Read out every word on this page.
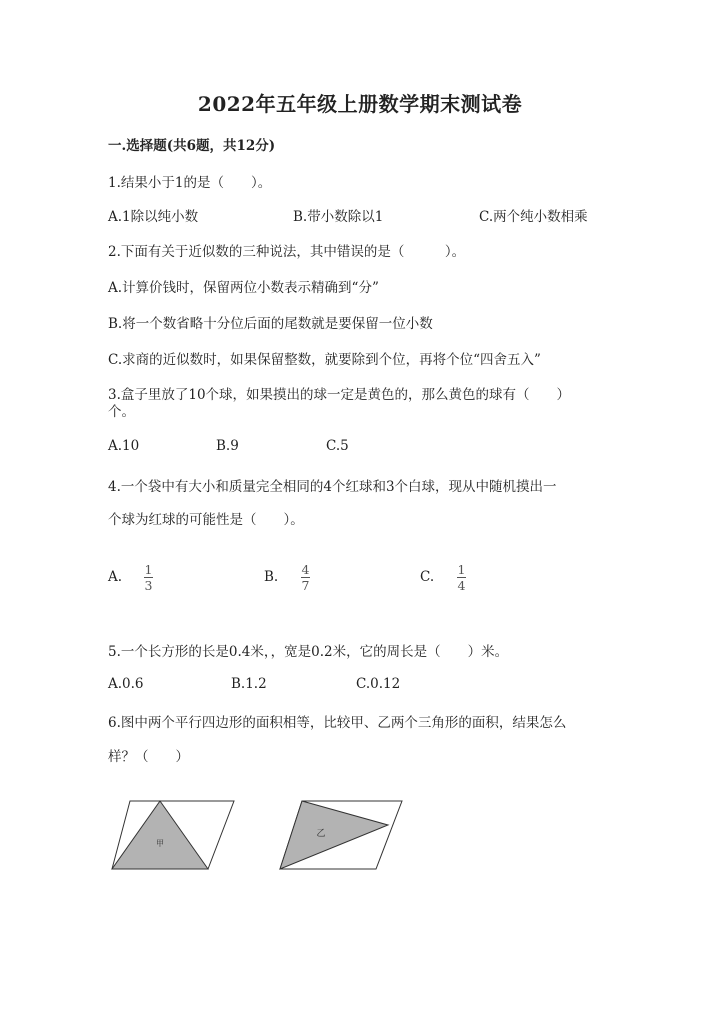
2022年五年级上册数学期末测试卷
一.选择题(共6题，共12分)
1.结果小于1的是（　　）。
A.1除以纯小数	B.带小数除以1	C.两个纯小数相乘
2.下面有关于近似数的三种说法，其中错误的是（　　　）。
A.计算价钱时，保留两位小数表示精确到“分”
B.将一个数省略十分位后面的尾数就是要保留一位小数
C.求商的近似数时，如果保留整数，就要除到个位，再将个位“四舍五入”
3.盒子里放了10个球，如果摸出的球一定是黄色的，那么黄色的球有（　　）
个。
A.10	B.9	C.5
4.一个袋中有大小和质量完全相同的4个红球和3个白球，现从中随机摸出一
个球为红球的可能性是（　　）。
A. 1
3
B. 4
7
C. 1
4
5.一个长方形的长是0.4米，，宽是0.2米，它的周长是（　　）米。
A.0.6	B.1.2	C.0.12
6.图中两个平行四边形的面积相等，比较甲、乙两个三角形的面积，结果怎么
样？（　　）
甲
乙
